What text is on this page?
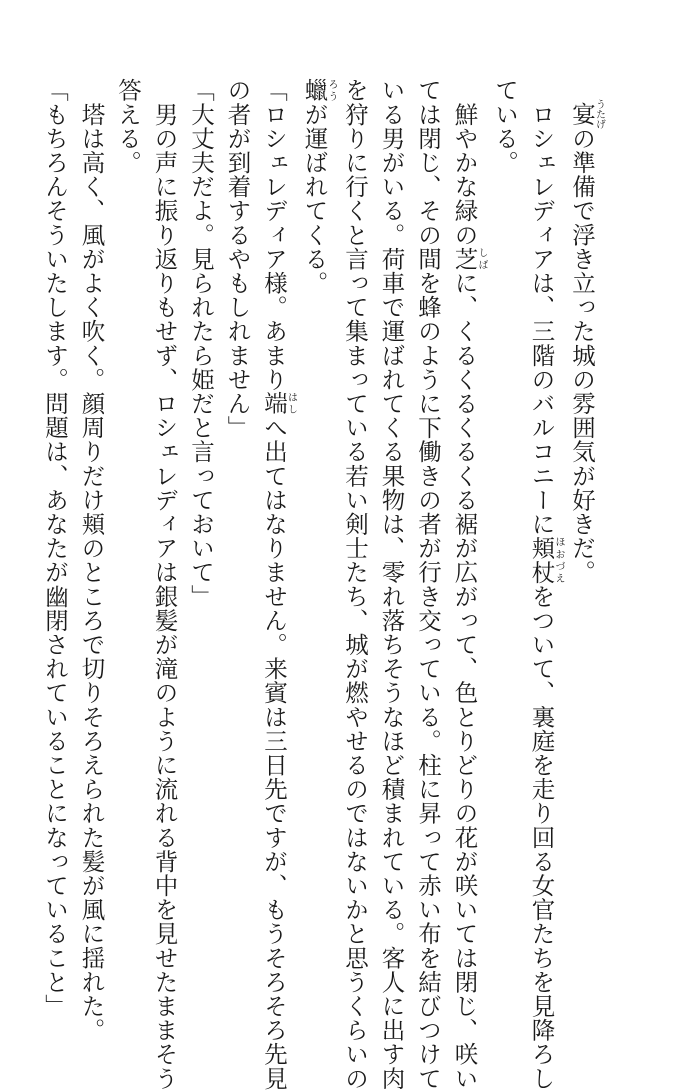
　宴うたげの準備で浮き立った城の雰囲気が好きだ。
　ロシェレディアは、三階のバルコニーに頬杖ほおづえをついて、裏庭を走り回る女官たちを見降ろし
ている。
　鮮やかな緑の芝しばに、くるくるくるくる裾が広がって、色とりどりの花が咲いては閉じ、咲い
ては閉じ、その間を蜂のように下働きの者が行き交っている。柱に昇って赤い布を結びつけて
いる男がいる。荷車で運ばれてくる果物は、零れ落ちそうなほど積まれている。客人に出す肉
を狩りに行くと言って集まっている若い剣士たち、城が燃やせるのではないかと思うくらいの
蠟ろうが運ばれてくる。
「ロシェレディア様。あまり端はしへ出てはなりません。来賓は三日先ですが、もうそろそろ先見
の者が到着するやもしれません」
「大丈夫だよ。見られたら姫だと言っておいて」
　男の声に振り返りもせず、ロシェレディアは銀髪が滝のように流れる背中を見せたままそう
答える。
　塔は高く、風がよく吹く。顔周りだけ頬のところで切りそろえられた髪が風に揺れた。
「もちろんそういたします。問題は、あなたが幽閉されていることになっていること」
